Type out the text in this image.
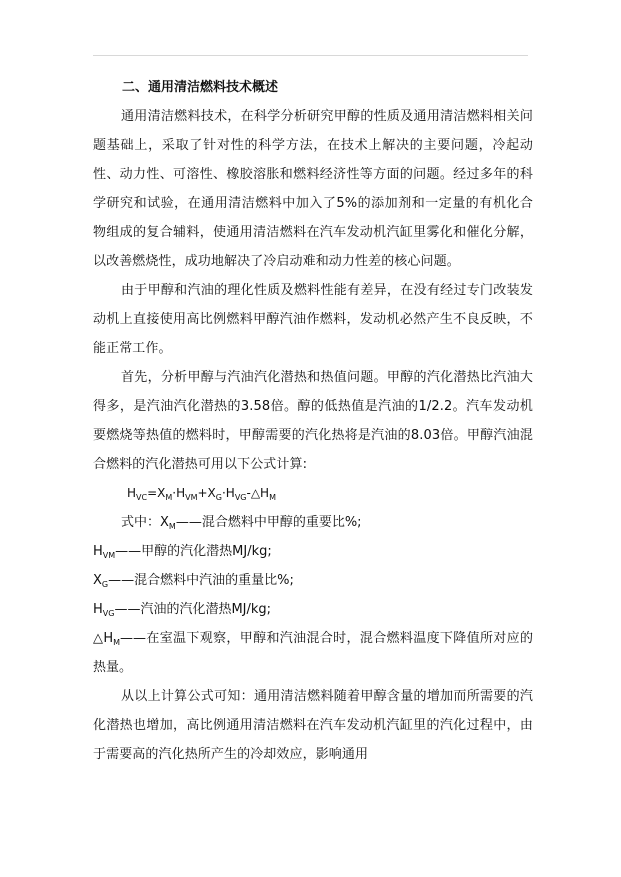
二、通用清洁燃料技术概述

通用清洁燃料技术，在科学分析研究甲醇的性质及通用清洁燃料相关问题基础上，采取了针对性的科学方法，在技术上解决的主要问题，冷起动性、动力性、可溶性、橡胶溶胀和燃料经济性等方面的问题。经过多年的科学研究和试验，在通用清洁燃料中加入了5%的添加剂和一定量的有机化合物组成的复合辅料，使通用清洁燃料在汽车发动机汽缸里雾化和催化分解，以改善燃烧性，成功地解决了冷启动难和动力性差的核心问题。

由于甲醇和汽油的理化性质及燃料性能有差异，在没有经过专门改装发动机上直接使用高比例燃料甲醇汽油作燃料，发动机必然产生不良反映，不能正常工作。

首先，分析甲醇与汽油汽化潜热和热值问题。甲醇的汽化潜热比汽油大得多，是汽油汽化潜热的3.58倍。醇的低热值是汽油的1/2.2。汽车发动机要燃烧等热值的燃料时，甲醇需要的汽化热将是汽油的8.03倍。甲醇汽油混合燃料的汽化潜热可用以下公式计算:

$H_{VC}=X_M\cdot H_{VM}+X_G\cdot H_{VG}-\triangle H_M$

式中：$X_M——$混合燃料中甲醇的重要比%;

$H_{VM}——$甲醇的汽化潜热MJ/kg;

$X_G——$混合燃料中汽油的重量比%;

$H_{VG}——$汽油的汽化潜热MJ/kg;

$\triangle H_M——$在室温下观察，甲醇和汽油混合时，混合燃料温度下降值所对应的热量。

从以上计算公式可知：通用清洁燃料随着甲醇含量的增加而所需要的汽化潜热也增加，高比例通用清洁燃料在汽车发动机汽缸里的汽化过程中，由于需要高的汽化热所产生的冷却效应，影响通用
